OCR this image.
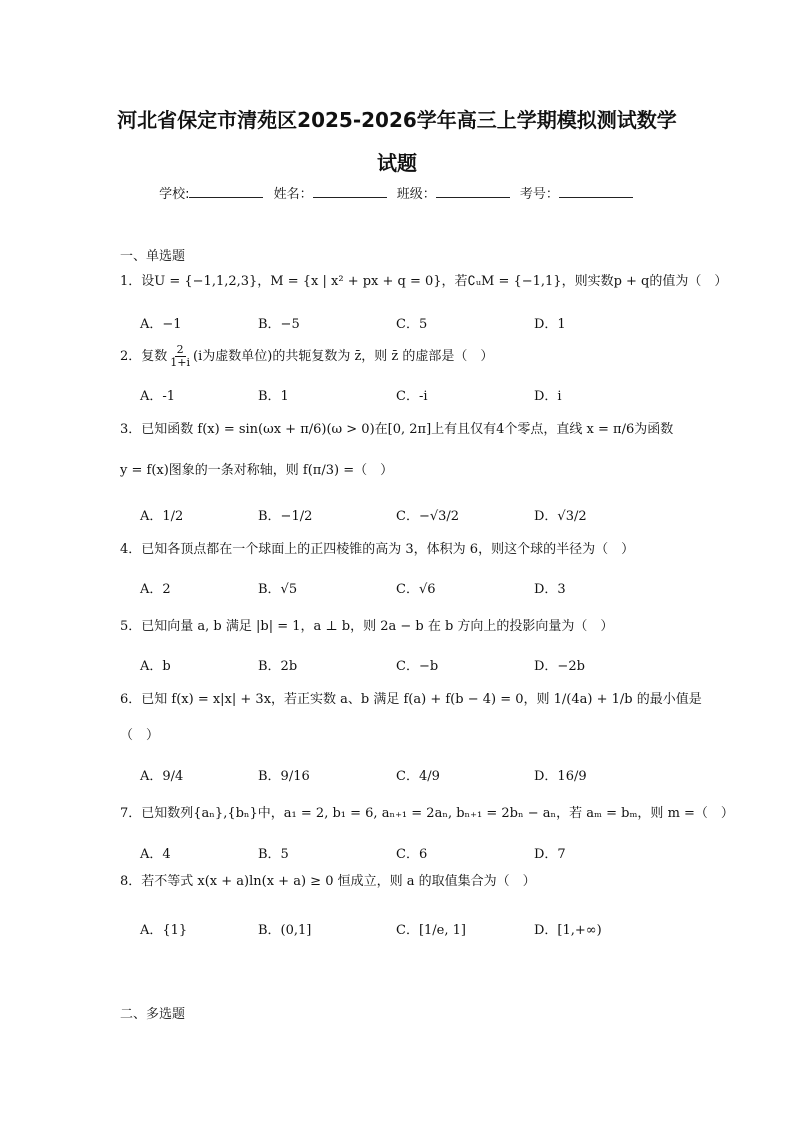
河北省保定市清苑区2025-2026学年高三上学期模拟测试数学
试题
学校:	姓名：	班级：	考号：
一、单选题
1．设U = {−1,1,2,3}，M = {x | x² + px + q = 0}，若∁ᵤM = {−1,1}，则实数p + q的值为（　）
A．−1	B．−5	C．5	D．1
2．复数 $\frac{2}{1+i} (i$为虚数单位)的共轭复数为 z̄，则 z̄ 的虚部是（　）
A．-1	B．1	C．-i	D．i
3．已知函数 f(x) = sin(ωx + π/6)(ω > 0)在[0, 2π]上有且仅有4个零点，直线 x = π/6为函数
y = f(x)图象的一条对称轴，则 f(π/3) =（　）
A．1/2	B．−1/2	C．−√3/2	D．√3/2
4．已知各顶点都在一个球面上的正四棱锥的高为 3，体积为 6，则这个球的半径为（　）
A．2	B．√5	C．√6	D．3
5．已知向量 a, b 满足 |b| = 1，a ⊥ b，则 2a − b 在 b 方向上的投影向量为（　）
A．b	B．2b	C．−b	D．−2b
6．已知 f(x) = x|x| + 3x，若正实数 a、b 满足 f(a) + f(b − 4) = 0，则 1/(4a) + 1/b 的最小值是
（　）
A．9/4	B．9/16	C．4/9	D．16/9
7．已知数列{aₙ},{bₙ}中，a₁ = 2, b₁ = 6, aₙ₊₁ = 2aₙ, bₙ₊₁ = 2bₙ − aₙ，若 aₘ = bₘ，则 m =（　）
A．4	B．5	C．6	D．7
8．若不等式 x(x + a)ln(x + a) ≥ 0 恒成立，则 a 的取值集合为（　）
A．{1}	B．(0,1]	C．[1/e, 1]	D．[1,+∞)
二、多选题
